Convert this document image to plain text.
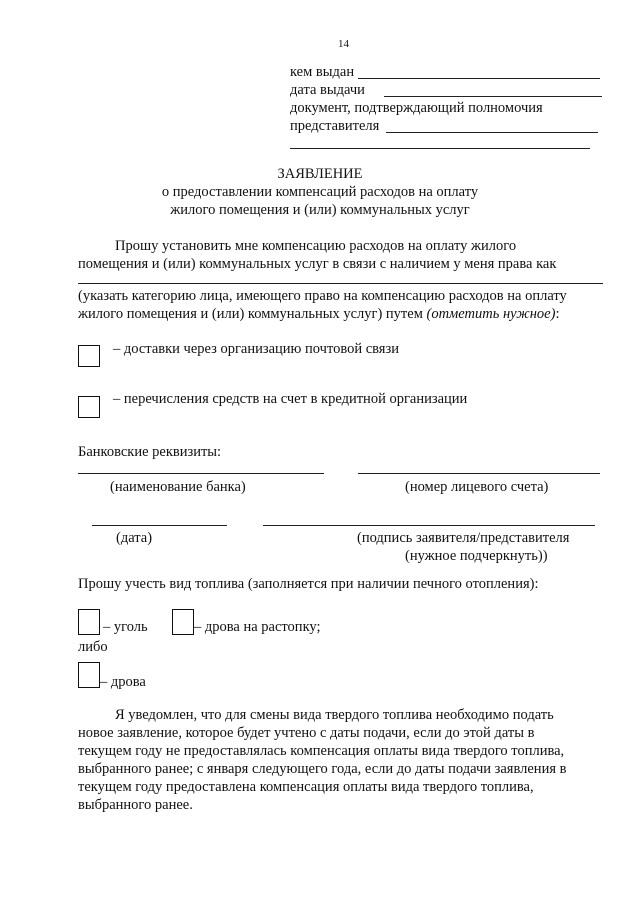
14
кем выдан
дата выдачи
документ, подтверждающий полномочия
представителя
ЗАЯВЛЕНИЕ
о предоставлении компенсаций расходов на оплату
жилого помещения и (или) коммунальных услуг
Прошу установить мне компенсацию расходов на оплату жилого
помещения и (или) коммунальных услуг в связи с наличием у меня права как
(указать категорию лица, имеющего право на компенсацию расходов на оплату
жилого помещения и (или) коммунальных услуг) путем (отметить нужное):
– доставки через организацию почтовой связи
– перечисления средств на счет в кредитной организации
Банковские реквизиты:
(наименование банка)	(номер лицевого счета)
(дата)	(подпись заявителя/представителя
(нужное подчеркнуть))
Прошу учесть вид топлива (заполняется при наличии печного отопления):
– уголь	– дрова на растопку;
либо
– дрова
Я уведомлен, что для смены вида твердого топлива необходимо подать
новое заявление, которое будет учтено с даты подачи, если до этой даты в
текущем году не предоставлялась компенсация оплаты вида твердого топлива,
выбранного ранее; с января следующего года, если до даты подачи заявления в
текущем году предоставлена компенсация оплаты вида твердого топлива,
выбранного ранее.
